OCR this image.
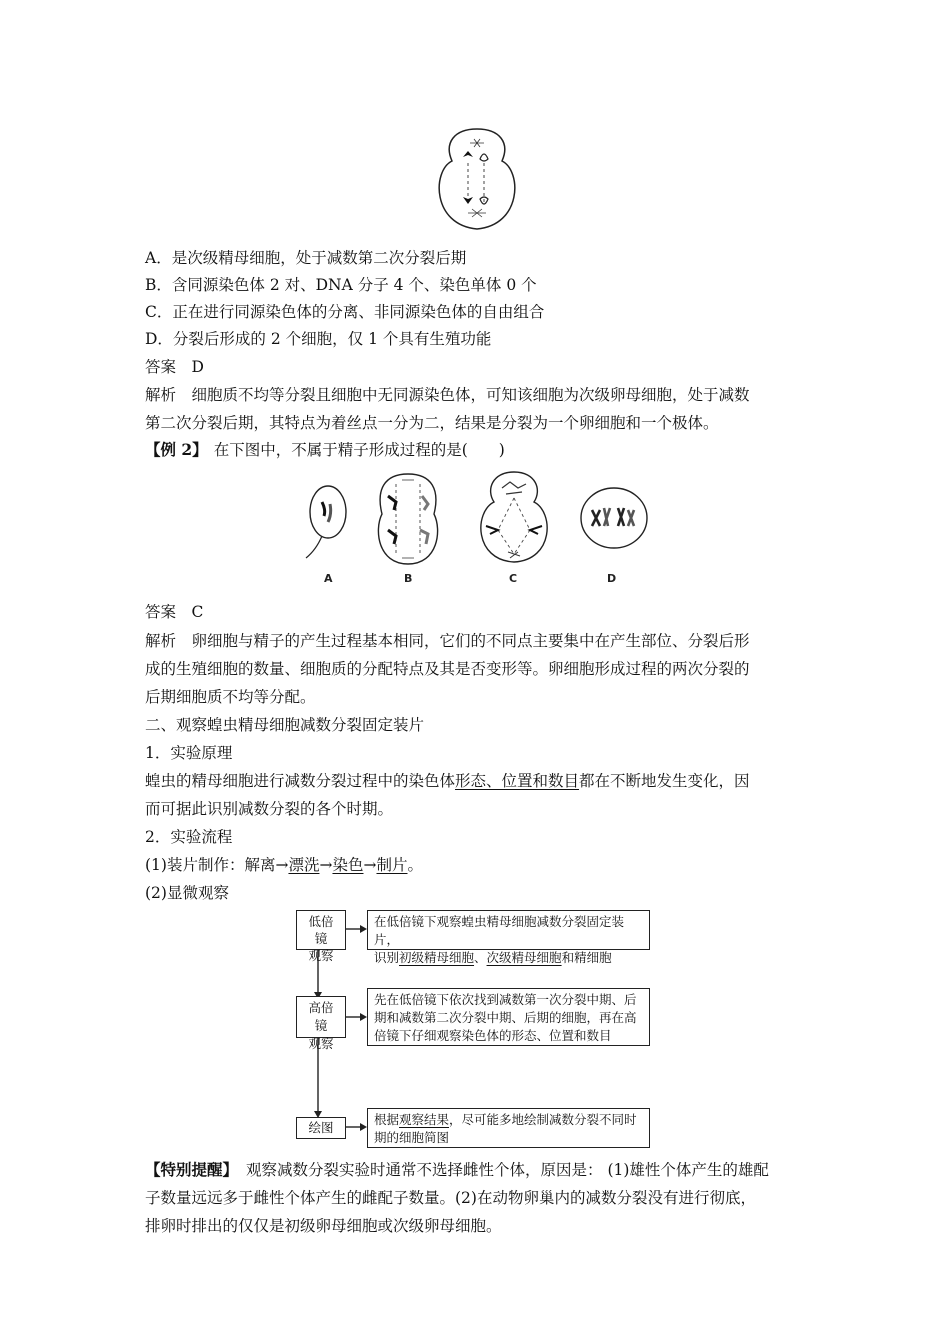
A．是次级精母细胞，处于减数第二次分裂后期
B．含同源染色体 2 对、DNA 分子 4 个、染色单体 0 个
C．正在进行同源染色体的分离、非同源染色体的自由组合
D．分裂后形成的 2 个细胞，仅 1 个具有生殖功能
答案　D
解析　细胞质不均等分裂且细胞中无同源染色体，可知该细胞为次级卵母细胞，处于减数
第二次分裂后期，其特点为着丝点一分为二，结果是分裂为一个卵细胞和一个极体。
【例 2】 在下图中，不属于精子形成过程的是(　　)
A	B	C	D
答案　C
解析　卵细胞与精子的产生过程基本相同，它们的不同点主要集中在产生部位、分裂后形
成的生殖细胞的数量、细胞质的分配特点及其是否变形等。卵细胞形成过程的两次分裂的
后期细胞质不均等分配。
二、观察蝗虫精母细胞减数分裂固定装片
1．实验原理
蝗虫的精母细胞进行减数分裂过程中的染色体形态、位置和数目都在不断地发生变化，因
而可据此识别减数分裂的各个时期。
2．实验流程
(1)装片制作：解离→漂洗→染色→制片。
(2)显微观察
低倍镜
观察
在低倍镜下观察蝗虫精母细胞减数分裂固定装片，
识别初级精母细胞、次级精母细胞和精细胞
高倍镜
观察
先在低倍镜下依次找到减数第一次分裂中期、后
期和减数第二次分裂中期、后期的细胞，再在高
倍镜下仔细观察染色体的形态、位置和数目
绘图
根据观察结果，尽可能多地绘制减数分裂不同时
期的细胞简图
【特别提醒】 观察减数分裂实验时通常不选择雌性个体，原因是： (1)雄性个体产生的雄配
子数量远远多于雌性个体产生的雌配子数量。(2)在动物卵巢内的减数分裂没有进行彻底，
排卵时排出的仅仅是初级卵母细胞或次级卵母细胞。
